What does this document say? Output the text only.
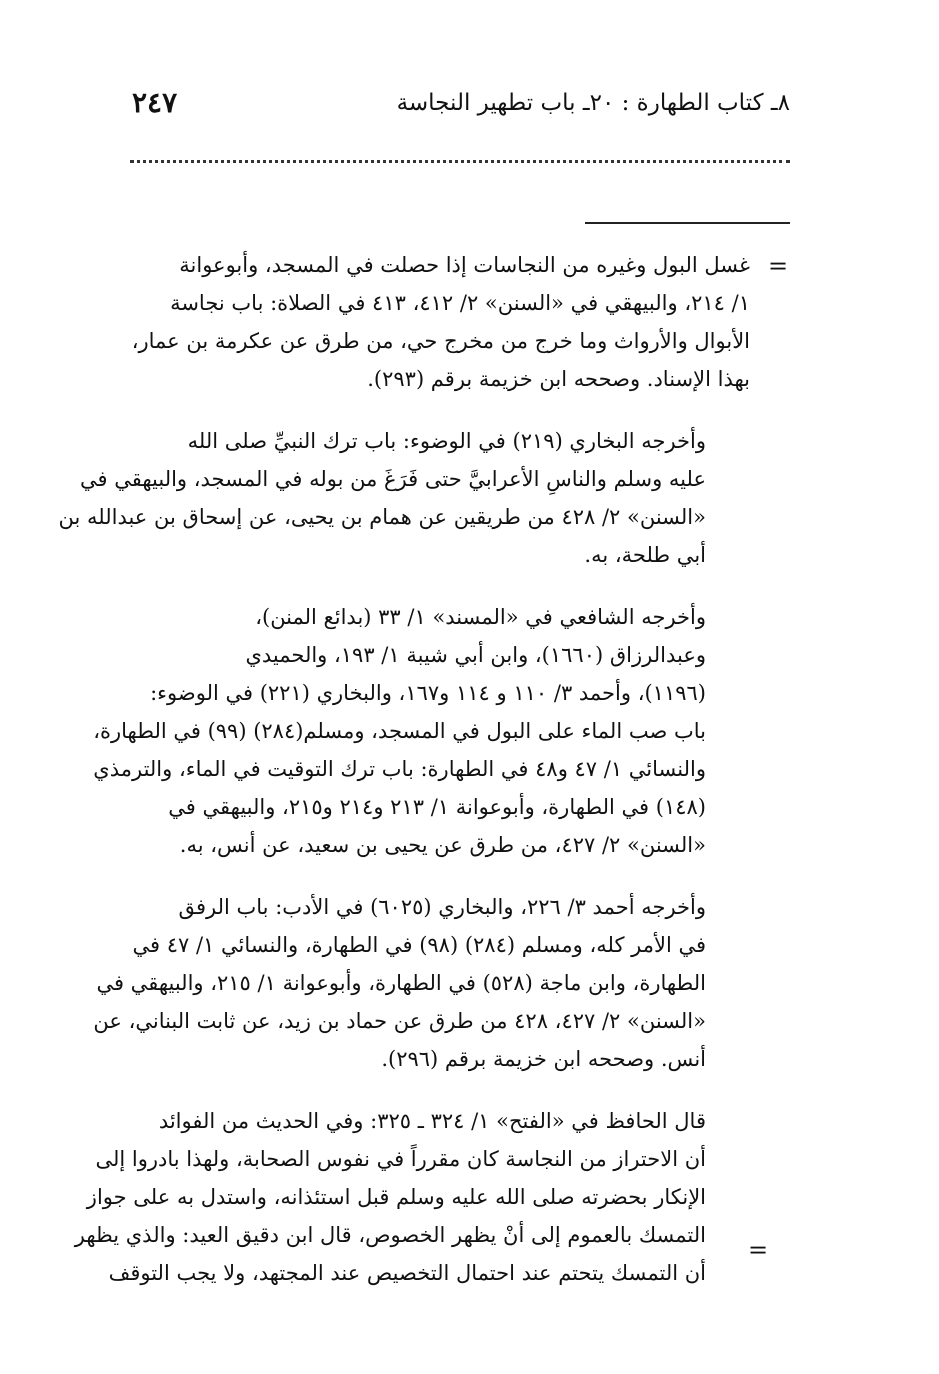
٨ـ كتاب الطهارة : ٢٠ـ باب تطهير النجاسة
٢٤٧
=

غسل البول وغيره من النجاسات إذا حصلت في المسجد، وأبوعوانة
١/ ٢١٤، والبيهقي في «السنن» ٢/ ٤١٢، ٤١٣ في الصلاة: باب نجاسة
الأبوال والأرواث وما خرج من مخرج حي، من طرق عن عكرمة بن عمار،
بهذا الإسناد. وصححه ابن خزيمة برقم (٢٩٣).

وأخرجه البخاري (٢١٩) في الوضوء: باب ترك النبيِّ صلى الله
عليه وسلم والناسِ الأعرابيَّ حتى فَرَغَ من بوله في المسجد، والبيهقي في
«السنن» ٢/ ٤٢٨ من طريقين عن همام بن يحيى، عن إسحاق بن عبدالله بن
أبي طلحة، به.

وأخرجه الشافعي في «المسند» ١/ ٣٣ (بدائع المنن)،
وعبدالرزاق (١٦٦٠)، وابن أبي شيبة ١/ ١٩٣، والحميدي
(١١٩٦)، وأحمد ٣/ ١١٠ و ١١٤ و١٦٧، والبخاري (٢٢١) في الوضوء:
باب صب الماء على البول في المسجد، ومسلم(٢٨٤) (٩٩) في الطهارة،
والنسائي ١/ ٤٧ و٤٨ في الطهارة: باب ترك التوقيت في الماء، والترمذي
(١٤٨) في الطهارة، وأبوعوانة ١/ ٢١٣ و٢١٤ و٢١٥، والبيهقي في
«السنن» ٢/ ٤٢٧، من طرق عن يحيى بن سعيد، عن أنس، به.

وأخرجه أحمد ٣/ ٢٢٦، والبخاري (٦٠٢٥) في الأدب: باب الرفق
في الأمر كله، ومسلم (٢٨٤) (٩٨) في الطهارة، والنسائي ١/ ٤٧ في
الطهارة، وابن ماجة (٥٢٨) في الطهارة، وأبوعوانة ١/ ٢١٥، والبيهقي في
«السنن» ٢/ ٤٢٧، ٤٢٨ من طرق عن حماد بن زيد، عن ثابت البناني، عن
أنس. وصححه ابن خزيمة برقم (٢٩٦).

قال الحافظ في «الفتح» ١/ ٣٢٤ ـ ٣٢٥: وفي الحديث من الفوائد
أن الاحتراز من النجاسة كان مقرراً في نفوس الصحابة، ولهذا بادروا إلى
الإنكار بحضرته صلى الله عليه وسلم قبل استئذانه، واستدل به على جواز
التمسك بالعموم إلى أنْ يظهر الخصوص، قال ابن دقيق العيد: والذي يظهر
أن التمسك يتحتم عند احتمال التخصيص عند المجتهد، ولا يجب التوقف

=
